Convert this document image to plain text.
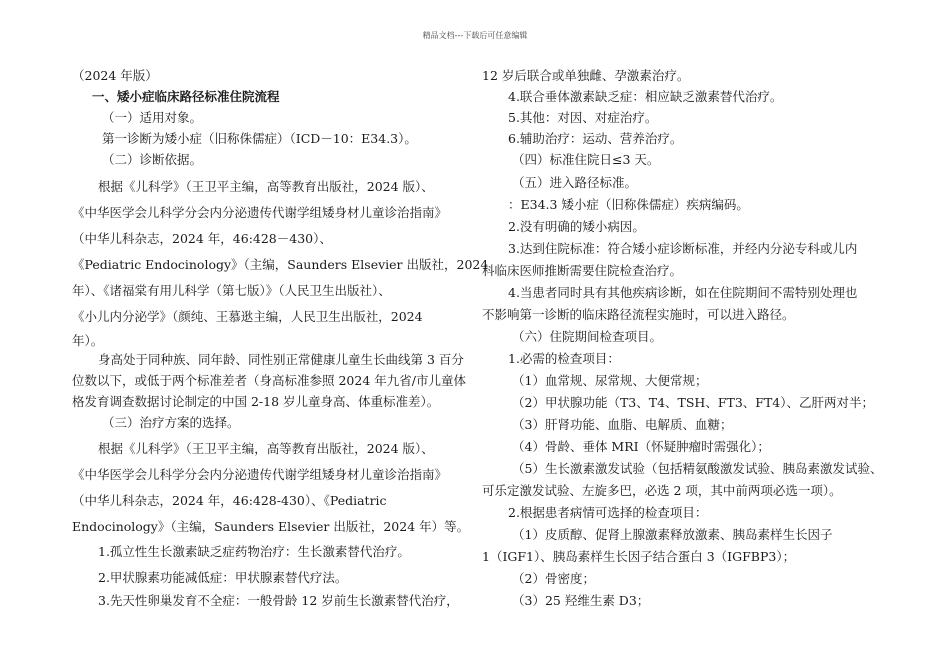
精品文档---下载后可任意编辑
（2024 年版）
一、矮小症临床路径标准住院流程
（一）适用对象。
第一诊断为矮小症（旧称侏儒症）（ICD－10：E34.3）。
（二）诊断依据。
根据《儿科学》（王卫平主编，高等教育出版社，2024 版）、
《中华医学会儿科学分会内分泌遗传代谢学组矮身材儿童诊治指南》
（中华儿科杂志，2024 年，46:428－430）、
《Pediatric Endocinology》（主编，Saunders Elsevier 出版社，2024
年）、《诸福棠有用儿科学（第七版）》（人民卫生出版社）、
《小儿内分泌学》（颜纯、王慕逖主编，人民卫生出版社，2024
年）。
身高处于同种族、同年龄、同性别正常健康儿童生长曲线第 3 百分
位数以下，或低于两个标准差者（身高标准参照 2024 年九省/市儿童体
格发育调查数据讨论制定的中国 2-18 岁儿童身高、体重标准差）。
（三）治疗方案的选择。
根据《儿科学》（王卫平主编，高等教育出版社，2024 版）、
《中华医学会儿科学分会内分泌遗传代谢学组矮身材儿童诊治指南》
（中华儿科杂志，2024 年，46:428-430）、《Pediatric
Endocinology》（主编，Saunders Elsevier 出版社，2024 年）等。
1.孤立性生长激素缺乏症药物治疗：生长激素替代治疗。
2.甲状腺素功能减低症：甲状腺素替代疗法。
3.先天性卵巢发育不全症：一般骨龄 12 岁前生长激素替代治疗，
12 岁后联合或单独雌、孕激素治疗。
4.联合垂体激素缺乏症：相应缺乏激素替代治疗。
5.其他：对因、对症治疗。
6.辅助治疗：运动、营养治疗。
（四）标准住院日≤3 天。
（五）进入路径标准。
：E34.3 矮小症（旧称侏儒症）疾病编码。
2.没有明确的矮小病因。
3.达到住院标准：符合矮小症诊断标准，并经内分泌专科或儿内
科临床医师推断需要住院检查治疗。
4.当患者同时具有其他疾病诊断，如在住院期间不需特别处理也
不影响第一诊断的临床路径流程实施时，可以进入路径。
（六）住院期间检查项目。
1.必需的检查项目：
（1）血常规、尿常规、大便常规；
（2）甲状腺功能（T3、T4、TSH、FT3、FT4）、乙肝两对半；
（3）肝肾功能、血脂、电解质、血糖；
（4）骨龄、垂体 MRI（怀疑肿瘤时需强化）；
（5）生长激素激发试验（包括精氨酸激发试验、胰岛素激发试验、
可乐定激发试验、左旋多巴，必选 2 项，其中前两项必选一项）。
2.根据患者病情可选择的检查项目：
（1）皮质醇、促肾上腺激素释放激素、胰岛素样生长因子
1（IGF1）、胰岛素样生长因子结合蛋白 3（IGFBP3）；
（2）骨密度；
（3）25 羟维生素 D3；
